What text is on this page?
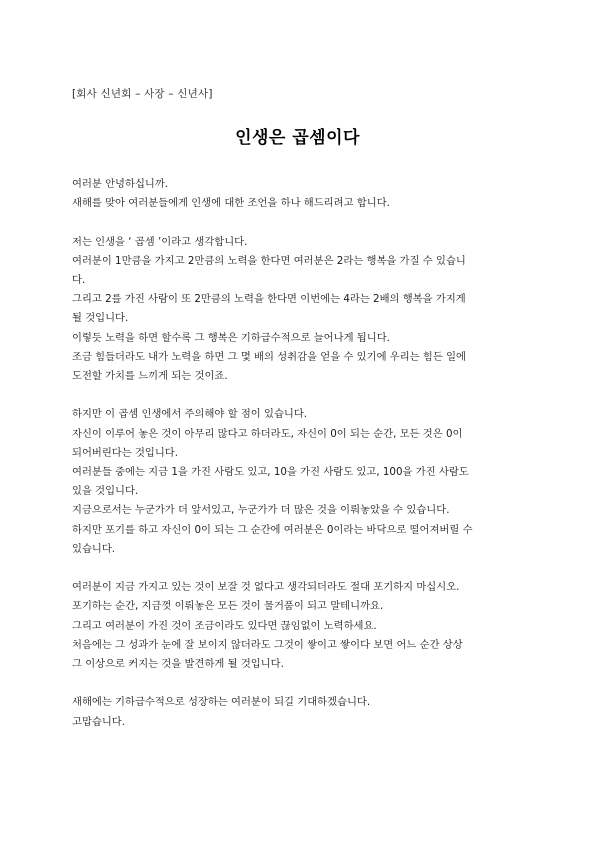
[회사 신년회 – 사장 – 신년사]
인생은 곱셈이다
여러분 안녕하십니까.
새해를 맞아 여러분들에게 인생에 대한 조언을 하나 해드리려고 합니다.
저는 인생을 ‘ 곱셈 ’이라고 생각합니다.
여러분이 1만큼을 가지고 2만큼의 노력을 한다면 여러분은 2라는 행복을 가질 수 있습니
다.
그리고 2를 가진 사람이 또 2만큼의 노력을 한다면 이번에는 4라는 2배의 행복을 가지게
될 것입니다.
이렇듯 노력을 하면 할수록 그 행복은 기하급수적으로 늘어나게 됩니다.
조금 힘들더라도 내가 노력을 하면 그 몇 배의 성취감을 얻을 수 있기에 우리는 힘든 일에
도전할 가치를 느끼게 되는 것이죠.
하지만 이 곱셈 인생에서 주의해야 할 점이 있습니다.
자신이 이루어 놓은 것이 아무리 많다고 하더라도, 자신이 0이 되는 순간, 모든 것은 0이
되어버린다는 것입니다.
여러분들 중에는 지금 1을 가진 사람도 있고, 10을 가진 사람도 있고, 100을 가진 사람도
있을 것입니다.
지금으로서는 누군가가 더 앞서있고, 누군가가 더 많은 것을 이뤄놓았을 수 있습니다.
하지만 포기를 하고 자신이 0이 되는 그 순간에 여러분은 0이라는 바닥으로 떨어져버릴 수
있습니다.
여러분이 지금 가지고 있는 것이 보잘 것 없다고 생각되더라도 절대 포기하지 마십시오.
포기하는 순간, 지금껏 이뤄놓은 모든 것이 물거품이 되고 말테니까요.
그리고 여러분이 가진 것이 조금이라도 있다면 끊임없이 노력하세요.
처음에는 그 성과가 눈에 잘 보이지 않더라도 그것이 쌓이고 쌓이다 보면 어느 순간 상상
그 이상으로 커지는 것을 발견하게 될 것입니다.
새해에는 기하급수적으로 성장하는 여러분이 되길 기대하겠습니다.
고맙습니다.
